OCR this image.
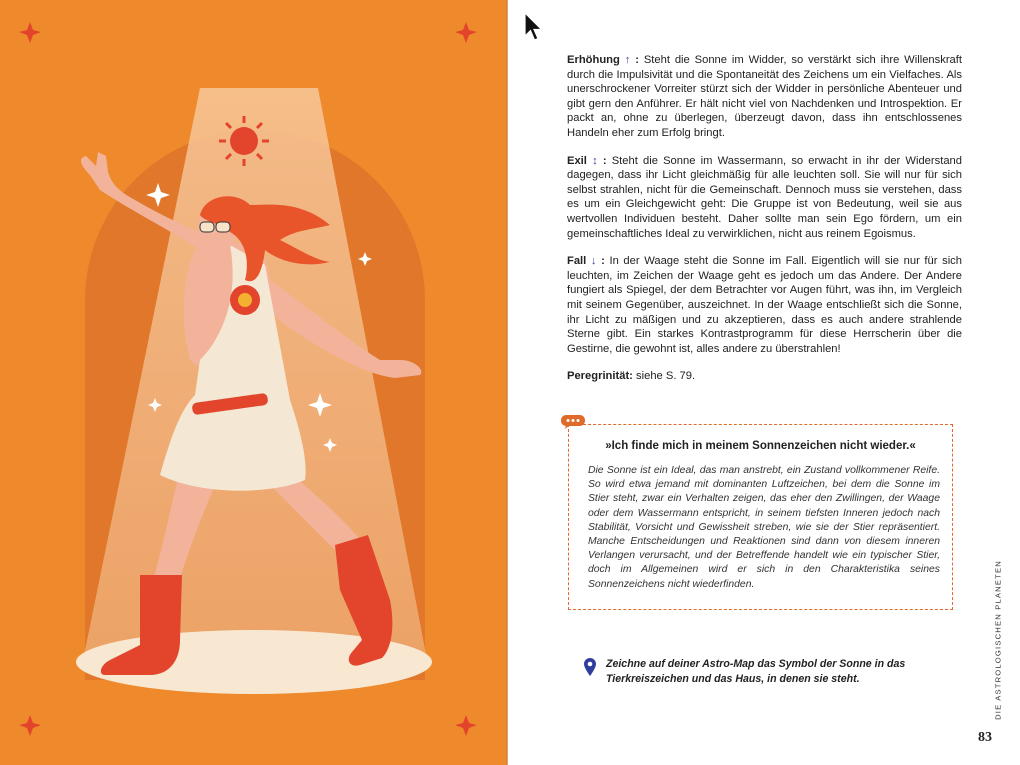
Erhöhung ↑ : Steht die Sonne im Widder, so verstärkt sich ihre Willenskraft durch die Impulsivität und die Spontaneität des Zeichens um ein Vielfaches. Als unerschrockener Vorreiter stürzt sich der Widder in persönliche Abenteuer und gibt gern den Anführer. Er hält nicht viel von Nachdenken und Introspektion. Er packt an, ohne zu überlegen, überzeugt davon, dass ihn entschlossenes Handeln eher zum Erfolg bringt.

Exil ↕ : Steht die Sonne im Wassermann, so erwacht in ihr der Widerstand dagegen, dass ihr Licht gleichmäßig für alle leuchten soll. Sie will nur für sich selbst strahlen, nicht für die Gemeinschaft. Dennoch muss sie verstehen, dass es um ein Gleichgewicht geht: Die Gruppe ist von Bedeutung, weil sie aus wertvollen Individuen besteht. Daher sollte man sein Ego fördern, um ein gemeinschaftliches Ideal zu verwirklichen, nicht aus reinem Egoismus.

Fall ↓ : In der Waage steht die Sonne im Fall. Eigentlich will sie nur für sich leuchten, im Zeichen der Waage geht es jedoch um das Andere. Der Andere fungiert als Spiegel, der dem Betrachter vor Augen führt, was ihn, im Vergleich mit seinem Gegenüber, auszeichnet. In der Waage entschließt sich die Sonne, ihr Licht zu mäßigen und zu akzeptieren, dass es auch andere strahlende Sterne gibt. Ein starkes Kontrastprogramm für diese Herrscherin über die Gestirne, die gewohnt ist, alles andere zu überstrahlen!

Peregrinität: siehe S. 79.

»Ich finde mich in meinem Sonnenzeichen nicht wieder.«
Die Sonne ist ein Ideal, das man anstrebt, ein Zustand vollkommener Reife. So wird etwa jemand mit dominanten Luftzeichen, bei dem die Sonne im Stier steht, zwar ein Verhalten zeigen, das eher den Zwillingen, der Waage oder dem Wassermann entspricht, in seinem tiefsten Inneren jedoch nach Stabilität, Vorsicht und Gewissheit streben, wie sie der Stier repräsentiert. Manche Entscheidungen und Reaktionen sind dann von diesem inneren Verlangen verursacht, und der Betreffende handelt wie ein typischer Stier, doch im Allgemeinen wird er sich in den Charakteristika seines Sonnenzeichens nicht wiederfinden.
Zeichne auf deiner Astro-Map das Symbol der Sonne in das Tierkreiszeichen und das Haus, in denen sie steht.	DIE ASTROLOGISCHEN PLANETEN
83
